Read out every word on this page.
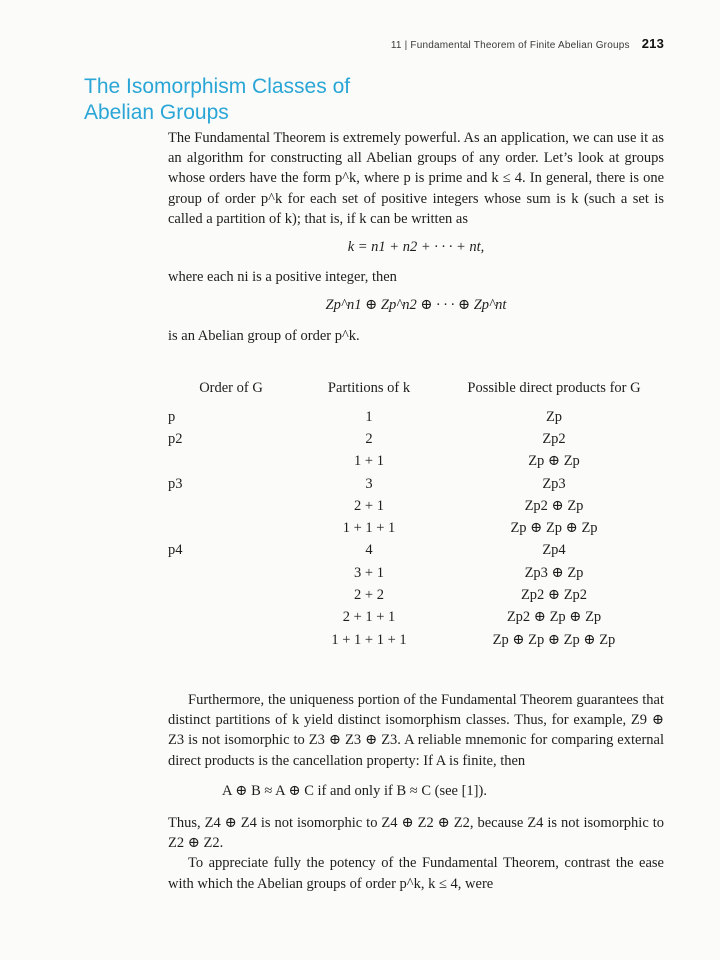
11 | Fundamental Theorem of Finite Abelian Groups 213
The Isomorphism Classes of Abelian Groups

The Fundamental Theorem is extremely powerful. As an application, we can use it as an algorithm for constructing all Abelian groups of any order. Let’s look at groups whose orders have the form p^k, where p is prime and k ≤ 4. In general, there is one group of order p^k for each set of positive integers whose sum is k (such a set is called a partition of k); that is, if k can be written as

k = n1 + n2 + · · · + nt,

where each ni is a positive integer, then

Zp^n1 ⊕ Zp^n2 ⊕ · · · ⊕ Zp^nt

is an Abelian group of order p^k.

Order of G	Partitions of k	Possible direct products for G
p	1	Zp
p2	2	Zp2
	1 + 1	Zp ⊕ Zp
p3	3	Zp3
	2 + 1	Zp2 ⊕ Zp
	1 + 1 + 1	Zp ⊕ Zp ⊕ Zp
p4	4	Zp4
	3 + 1	Zp3 ⊕ Zp
	2 + 2	Zp2 ⊕ Zp2
	2 + 1 + 1	Zp2 ⊕ Zp ⊕ Zp
	1 + 1 + 1 + 1	Zp ⊕ Zp ⊕ Zp ⊕ Zp

Furthermore, the uniqueness portion of the Fundamental Theorem guarantees that distinct partitions of k yield distinct isomorphism classes. Thus, for example, Z9 ⊕ Z3 is not isomorphic to Z3 ⊕ Z3 ⊕ Z3. A reliable mnemonic for comparing external direct products is the cancellation property: If A is finite, then

A ⊕ B ≈ A ⊕ C if and only if B ≈ C (see [1]).

Thus, Z4 ⊕ Z4 is not isomorphic to Z4 ⊕ Z2 ⊕ Z2, because Z4 is not isomorphic to Z2 ⊕ Z2.

To appreciate fully the potency of the Fundamental Theorem, contrast the ease with which the Abelian groups of order p^k, k ≤ 4, were
